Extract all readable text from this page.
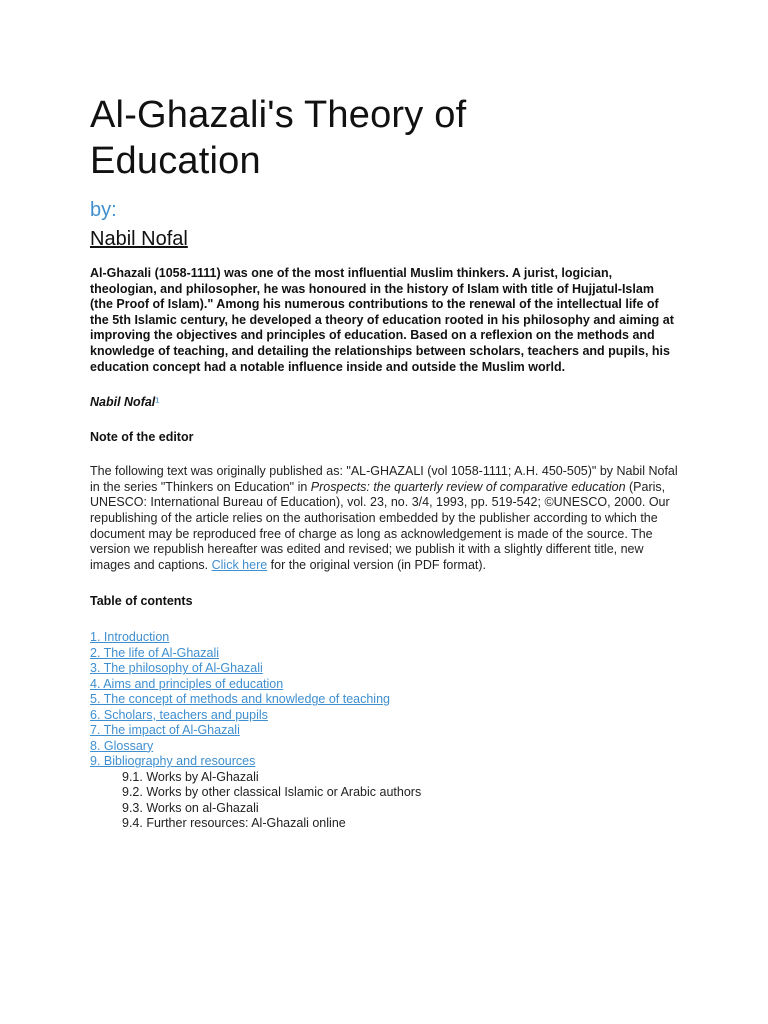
Al-Ghazali's Theory of
Education
by:
Nabil Nofal

Al-Ghazali (1058-1111) was one of the most influential Muslim thinkers. A jurist, logician, theologian, and philosopher, he was honoured in the history of Islam with title of Hujjatul-Islam (the Proof of Islam)." Among his numerous contributions to the renewal of the intellectual life of the 5th Islamic century, he developed a theory of education rooted in his philosophy and aiming at improving the objectives and principles of education. Based on a reflexion on the methods and knowledge of teaching, and detailing the relationships between scholars, teachers and pupils, his education concept had a notable influence inside and outside the Muslim world.

Nabil Nofal¹
Note of the editor

The following text was originally published as: "AL-GHAZALI (vol 1058-1111; A.H. 450-505)" by Nabil Nofal in the series "Thinkers on Education" in Prospects: the quarterly review of comparative education (Paris, UNESCO: International Bureau of Education), vol. 23, no. 3/4, 1993, pp. 519-542; ©UNESCO, 2000. Our republishing of the article relies on the authorisation embedded by the publisher according to which the document may be reproduced free of charge as long as acknowledgement is made of the source. The version we republish hereafter was edited and revised; we publish it with a slightly different title, new images and captions. Click here for the original version (in PDF format).

Table of contents
1. Introduction
2. The life of Al-Ghazali
3. The philosophy of Al-Ghazali
4. Aims and principles of education
5. The concept of methods and knowledge of teaching
6. Scholars, teachers and pupils
7. The impact of Al-Ghazali
8. Glossary
9. Bibliography and resources
9.1. Works by Al-Ghazali
9.2. Works by other classical Islamic or Arabic authors
9.3. Works on al-Ghazali
9.4. Further resources: Al-Ghazali online
